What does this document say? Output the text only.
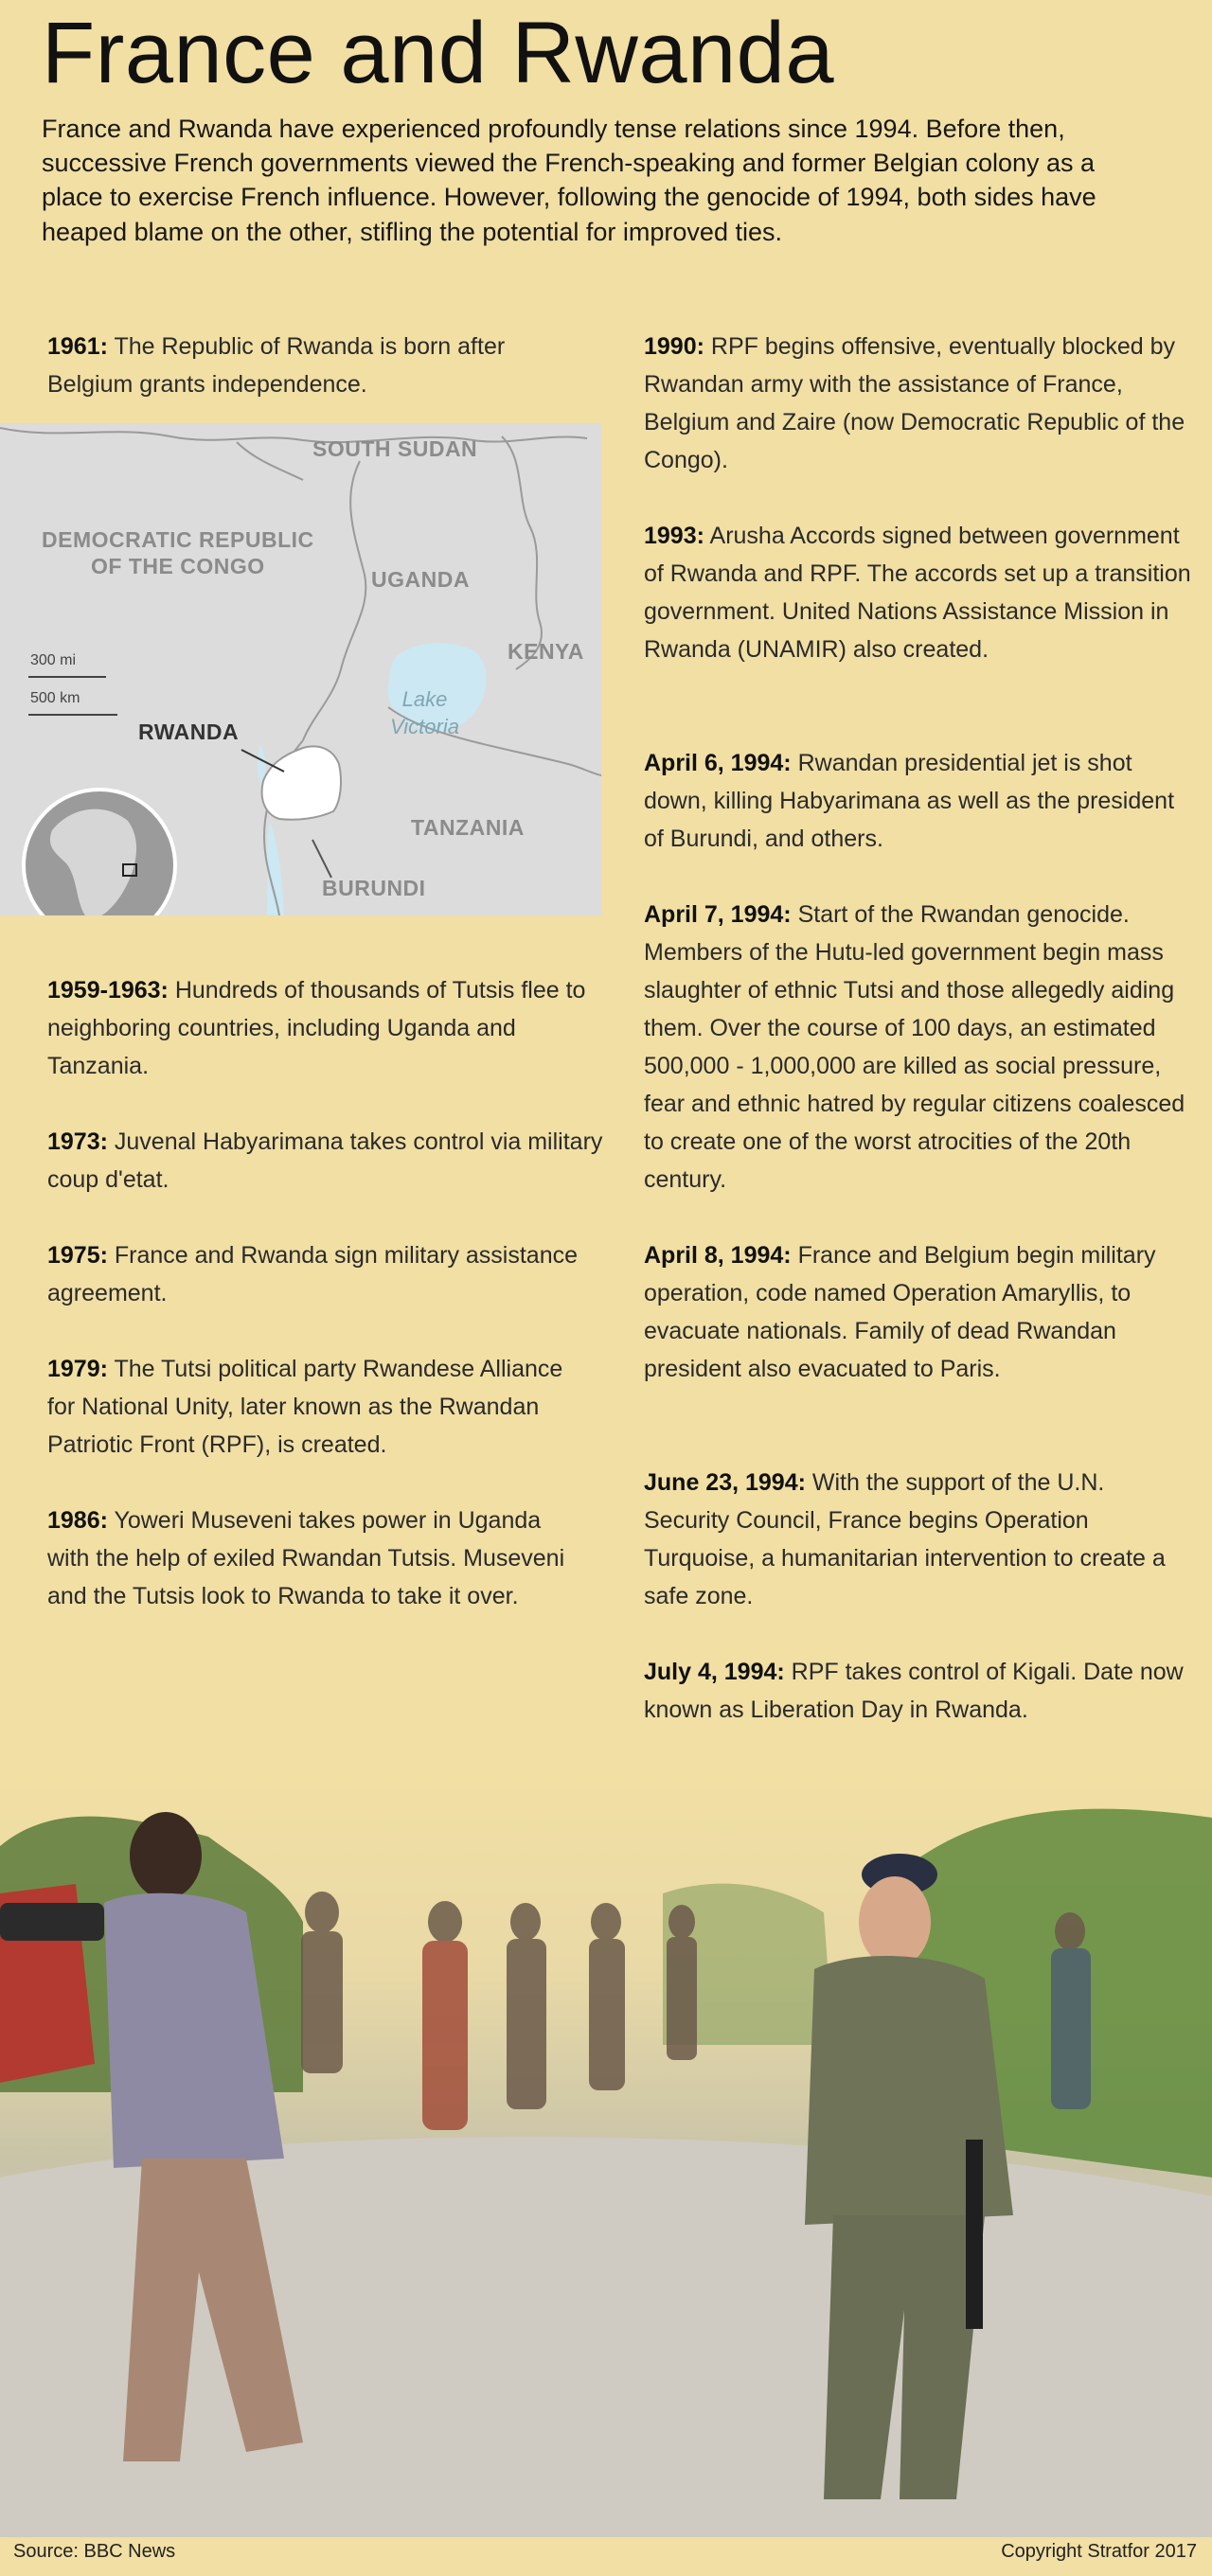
France and Rwanda
France and Rwanda have experienced profoundly tense relations since 1994. Before then, successive French governments viewed the French-speaking and former Belgian colony as a place to exercise French influence. However, following the genocide of 1994, both sides have heaped blame on the other, stifling the potential for improved ties.
1961: The Republic of Rwanda is born after Belgium grants independence.
SOUTH SUDAN
DEMOCRATIC REPUBLIC
OF THE CONGO
UGANDA
KENYA
RWANDA
TANZANIA
BURUNDI
Lake
Victoria
300 mi
500 km
1959-1963: Hundreds of thousands of Tutsis flee to neighboring countries, including Uganda and Tanzania.
1973: Juvenal Habyarimana takes control via military coup d'etat.
1975: France and Rwanda sign military assistance agreement.
1979: The Tutsi political party Rwandese Alliance for National Unity, later known as the Rwandan Patriotic Front (RPF), is created.
1986: Yoweri Museveni takes power in Uganda with the help of exiled Rwandan Tutsis. Museveni and the Tutsis look to Rwanda to take it over.
1990: RPF begins offensive, eventually blocked by Rwandan army with the assistance of France, Belgium and Zaire (now Democratic Republic of the Congo).
1993: Arusha Accords signed between government of Rwanda and RPF. The accords set up a transition government. United Nations Assistance Mission in Rwanda (UNAMIR) also created.
April 6, 1994: Rwandan presidential jet is shot down, killing Habyarimana as well as the president of Burundi, and others.
April 7, 1994: Start of the Rwandan genocide. Members of the Hutu-led government begin mass slaughter of ethnic Tutsi and those allegedly aiding them. Over the course of 100 days, an estimated 500,000 - 1,000,000 are killed as social pressure, fear and ethnic hatred by regular citizens coalesced to create one of the worst atrocities of the 20th century.
April 8, 1994: France and Belgium begin military operation, code named Operation Amaryllis, to evacuate nationals. Family of dead Rwandan president also evacuated to Paris.
June 23, 1994: With the support of the U.N. Security Council, France begins Operation Turquoise, a humanitarian intervention to create a safe zone.
July 4, 1994: RPF takes control of Kigali. Date now known as Liberation Day in Rwanda.
Source: BBC News	Copyright Stratfor 2017
